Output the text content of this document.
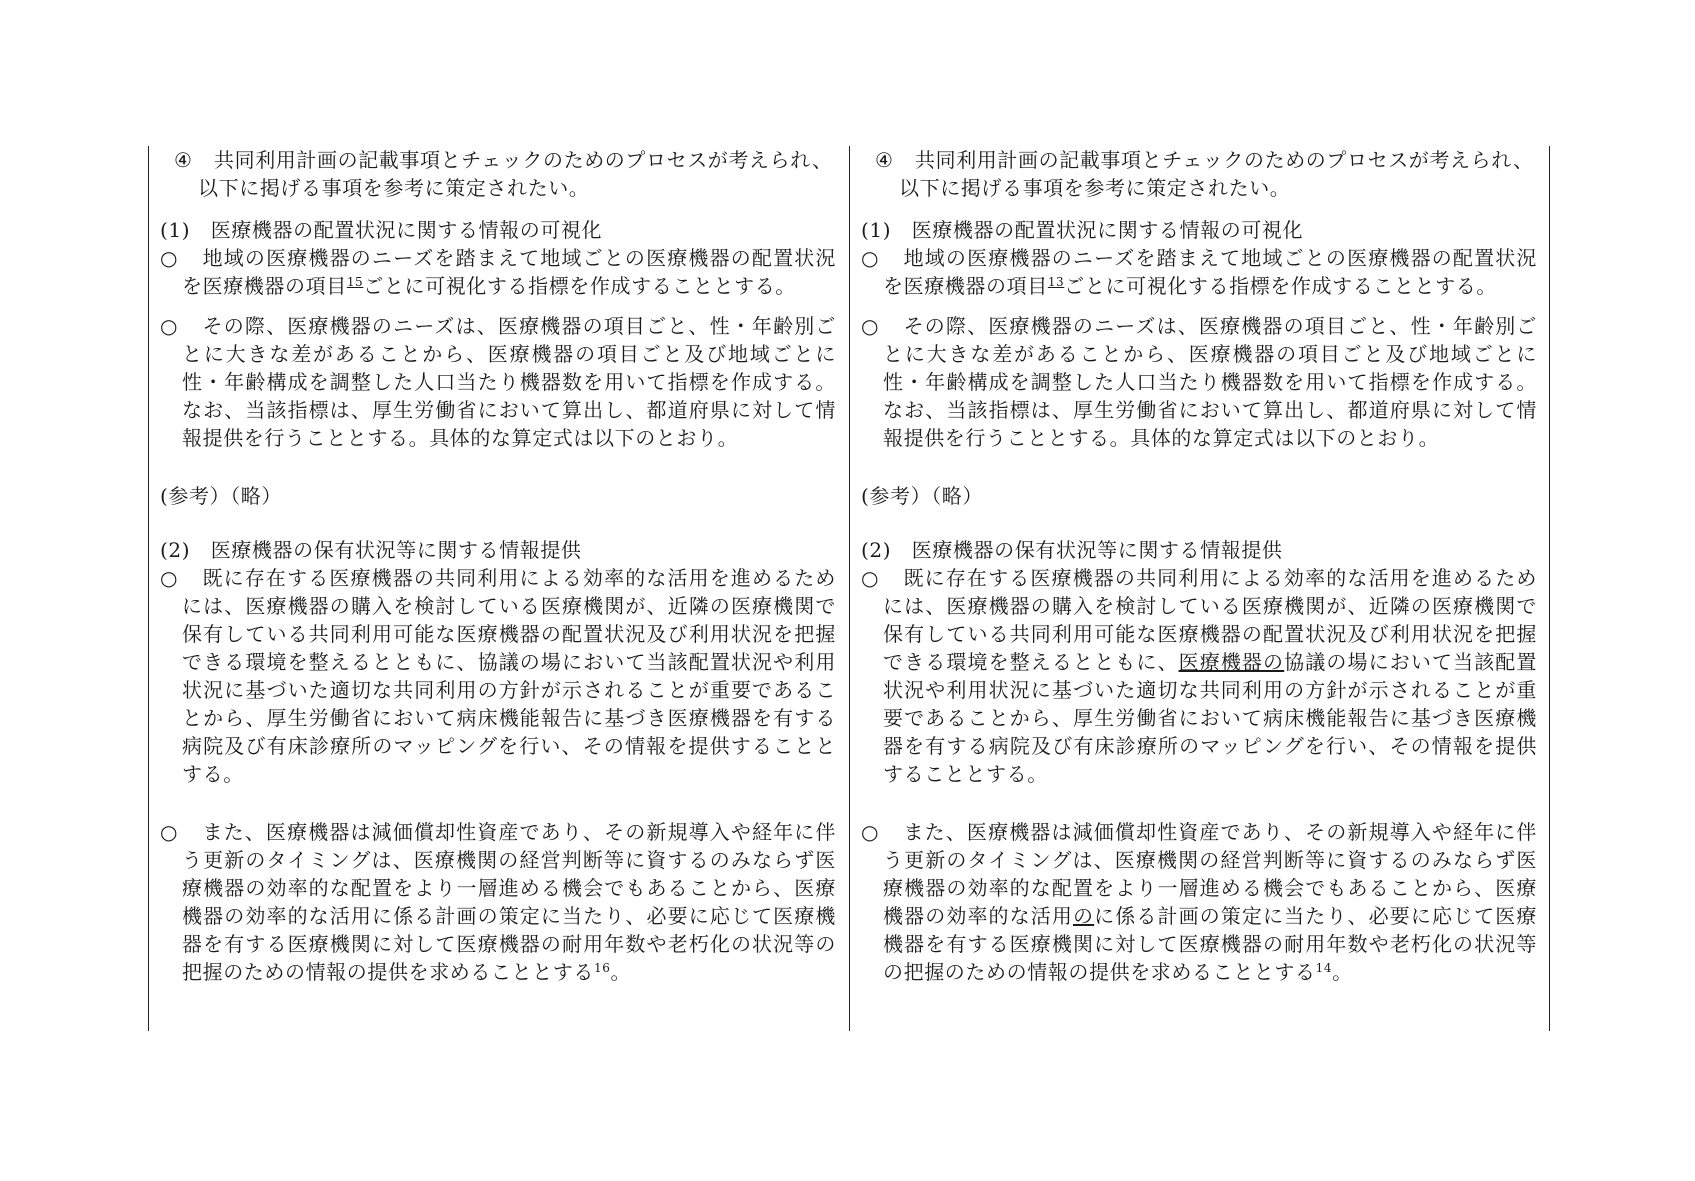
④ 共同利用計画の記載事項とチェックのためのプロセスが考えられ、以下に掲げる事項を参考に策定されたい。

(1)　医療機器の配置状況に関する情報の可視化

○ 地域の医療機器のニーズを踏まえて地域ごとの医療機器の配置状況を医療機器の項目$^{15}$ごとに可視化する指標を作成することとする。

○ その際、医療機器のニーズは、医療機器の項目ごと、性・年齢別ごとに大きな差があることから、医療機器の項目ごと及び地域ごとに性・年齢構成を調整した人口当たり機器数を用いて指標を作成する。なお、当該指標は、厚生労働省において算出し、都道府県に対して情報提供を行うこととする。具体的な算定式は以下のとおり。

(参考）（略）

(2)　医療機器の保有状況等に関する情報提供

○ 既に存在する医療機器の共同利用による効率的な活用を進めるためには、医療機器の購入を検討している医療機関が、近隣の医療機関で保有している共同利用可能な医療機器の配置状況及び利用状況を把握できる環境を整えるとともに、協議の場において当該配置状況や利用状況に基づいた適切な共同利用の方針が示されることが重要であることから、厚生労働省において病床機能報告に基づき医療機器を有する病院及び有床診療所のマッピングを行い、その情報を提供することとする。

○ また、医療機器は減価償却性資産であり、その新規導入や経年に伴う更新のタイミングは、医療機関の経営判断等に資するのみならず医療機器の効率的な配置をより一層進める機会でもあることから、医療機器の効率的な活用に係る計画の策定に当たり、必要に応じて医療機器を有する医療機関に対して医療機器の耐用年数や老朽化の状況等の把握のための情報の提供を求めることとする$^{16}$。

④ 共同利用計画の記載事項とチェックのためのプロセスが考えられ、以下に掲げる事項を参考に策定されたい。

(1)　医療機器の配置状況に関する情報の可視化

○ 地域の医療機器のニーズを踏まえて地域ごとの医療機器の配置状況を医療機器の項目$^{13}$ごとに可視化する指標を作成することとする。

○ その際、医療機器のニーズは、医療機器の項目ごと、性・年齢別ごとに大きな差があることから、医療機器の項目ごと及び地域ごとに性・年齢構成を調整した人口当たり機器数を用いて指標を作成する。なお、当該指標は、厚生労働省において算出し、都道府県に対して情報提供を行うこととする。具体的な算定式は以下のとおり。

(参考）（略）

(2)　医療機器の保有状況等に関する情報提供

○ 既に存在する医療機器の共同利用による効率的な活用を進めるためには、医療機器の購入を検討している医療機関が、近隣の医療機関で保有している共同利用可能な医療機器の配置状況及び利用状況を把握できる環境を整えるとともに、医療機器の協議の場において当該配置状況や利用状況に基づいた適切な共同利用の方針が示されることが重要であることから、厚生労働省において病床機能報告に基づき医療機器を有する病院及び有床診療所のマッピングを行い、その情報を提供することとする。

○ また、医療機器は減価償却性資産であり、その新規導入や経年に伴う更新のタイミングは、医療機関の経営判断等に資するのみならず医療機器の効率的な配置をより一層進める機会でもあることから、医療機器の効率的な活用のに係る計画の策定に当たり、必要に応じて医療機器を有する医療機関に対して医療機器の耐用年数や老朽化の状況等の把握のための情報の提供を求めることとする$^{14}$。
